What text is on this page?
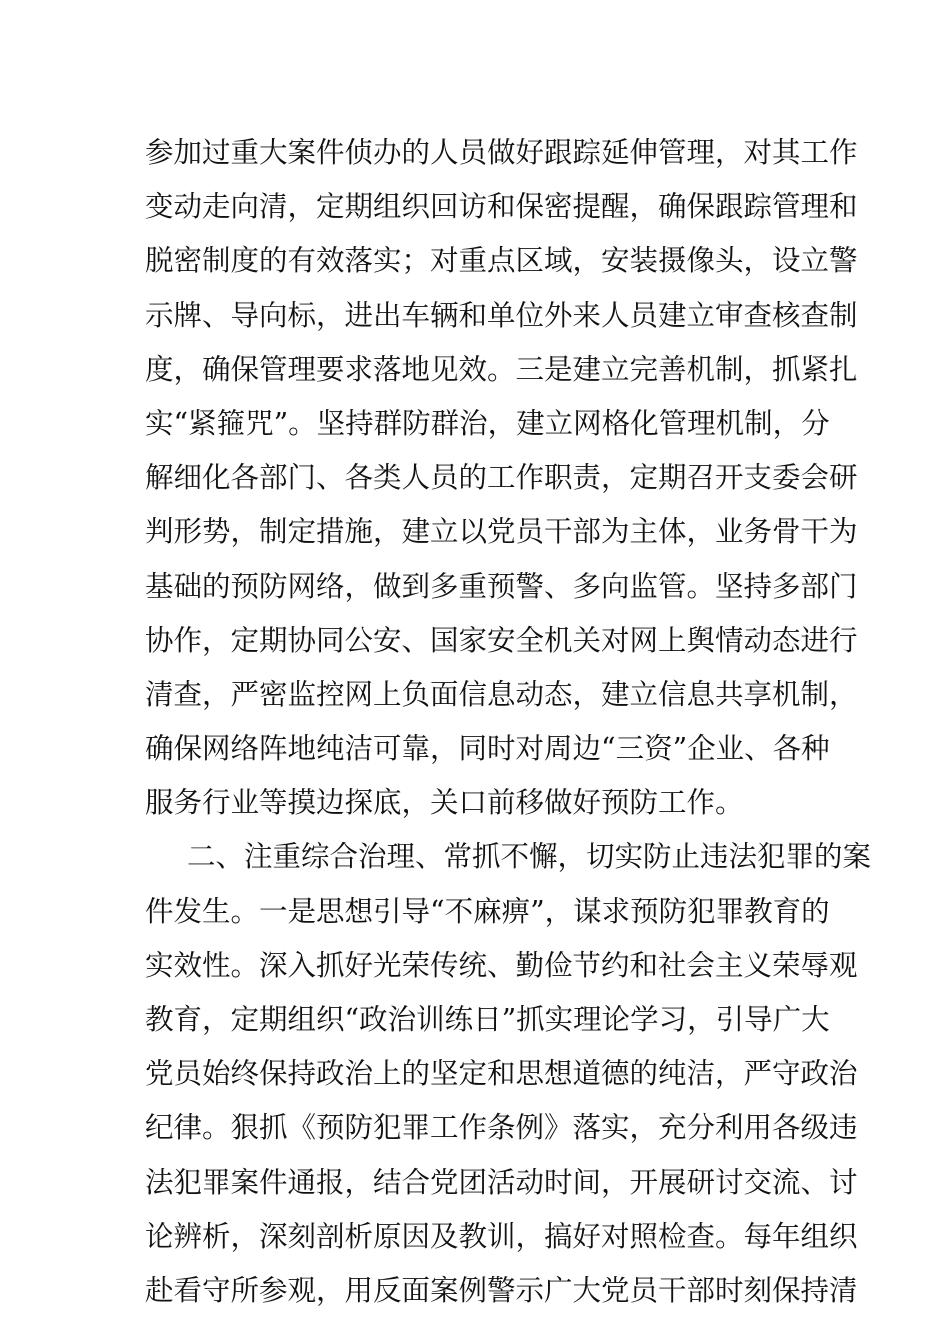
参加过重大案件侦办的人员做好跟踪延伸管理，对其工作
变动走向清，定期组织回访和保密提醒，确保跟踪管理和
脱密制度的有效落实；对重点区域，安装摄像头，设立警
示牌、导向标，进出车辆和单位外来人员建立审查核查制
度，确保管理要求落地见效。三是建立完善机制，抓紧扎
实“紧箍咒”。坚持群防群治，建立网格化管理机制，分
解细化各部门、各类人员的工作职责，定期召开支委会研
判形势，制定措施，建立以党员干部为主体，业务骨干为
基础的预防网络，做到多重预警、多向监管。坚持多部门
协作，定期协同公安、国家安全机关对网上舆情动态进行
清查，严密监控网上负面信息动态，建立信息共享机制，
确保网络阵地纯洁可靠，同时对周边“三资”企业、各种
服务行业等摸边探底，关口前移做好预防工作。
二、注重综合治理、常抓不懈，切实防止违法犯罪的案
件发生。一是思想引导“不麻痹”，谋求预防犯罪教育的
实效性。深入抓好光荣传统、勤俭节约和社会主义荣辱观
教育，定期组织“政治训练日”抓实理论学习，引导广大
党员始终保持政治上的坚定和思想道德的纯洁，严守政治
纪律。狠抓《预防犯罪工作条例》落实，充分利用各级违
法犯罪案件通报，结合党团活动时间，开展研讨交流、讨
论辨析，深刻剖析原因及教训，搞好对照检查。每年组织
赴看守所参观，用反面案例警示广大党员干部时刻保持清
